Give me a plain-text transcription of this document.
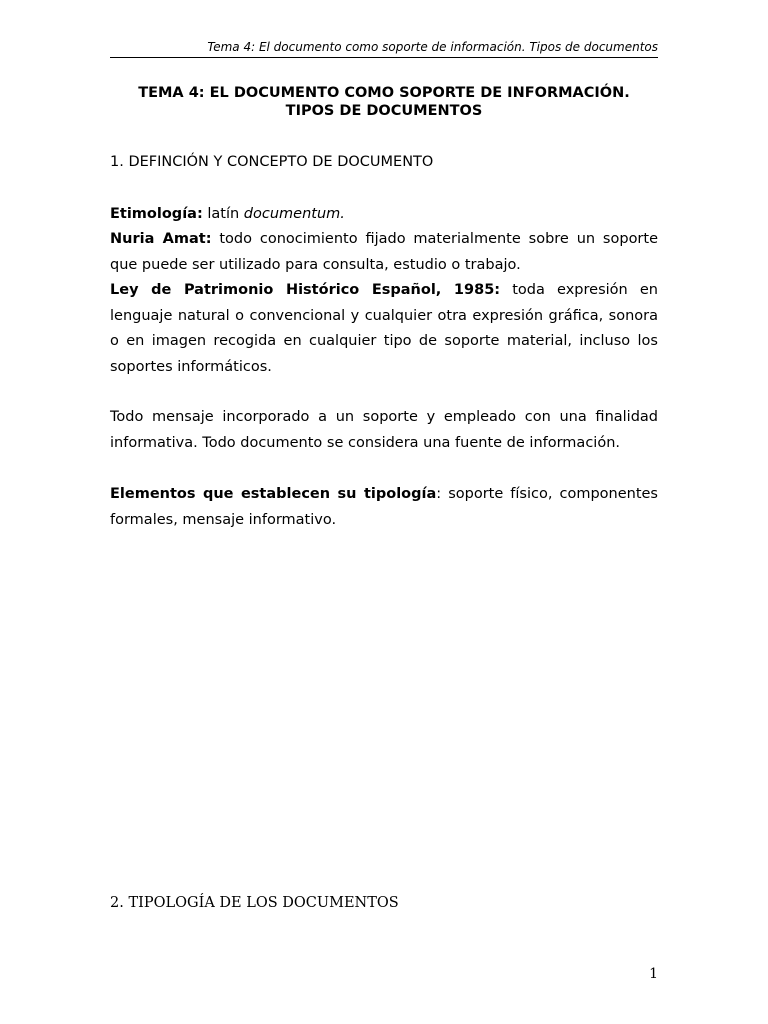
Tema 4: El documento como soporte de información. Tipos de documentos
TEMA 4: EL DOCUMENTO COMO SOPORTE DE INFORMACIÓN.
TIPOS DE DOCUMENTOS
1. DEFINCIÓN Y CONCEPTO DE DOCUMENTO

Etimología: latín documentum.

Nuria Amat: todo conocimiento fijado materialmente sobre un soporte que puede ser utilizado para consulta, estudio o trabajo.

Ley de Patrimonio Histórico Español, 1985: toda expresión en lenguaje natural o convencional y cualquier otra expresión gráfica, sonora o en imagen recogida en cualquier tipo de soporte material, incluso los soportes informáticos.

Todo mensaje incorporado a un soporte y empleado con una finalidad informativa. Todo documento se considera una fuente de información.

Elementos que establecen su tipología: soporte físico, componentes formales, mensaje informativo.

2. TIPOLOGÍA DE LOS DOCUMENTOS
1
